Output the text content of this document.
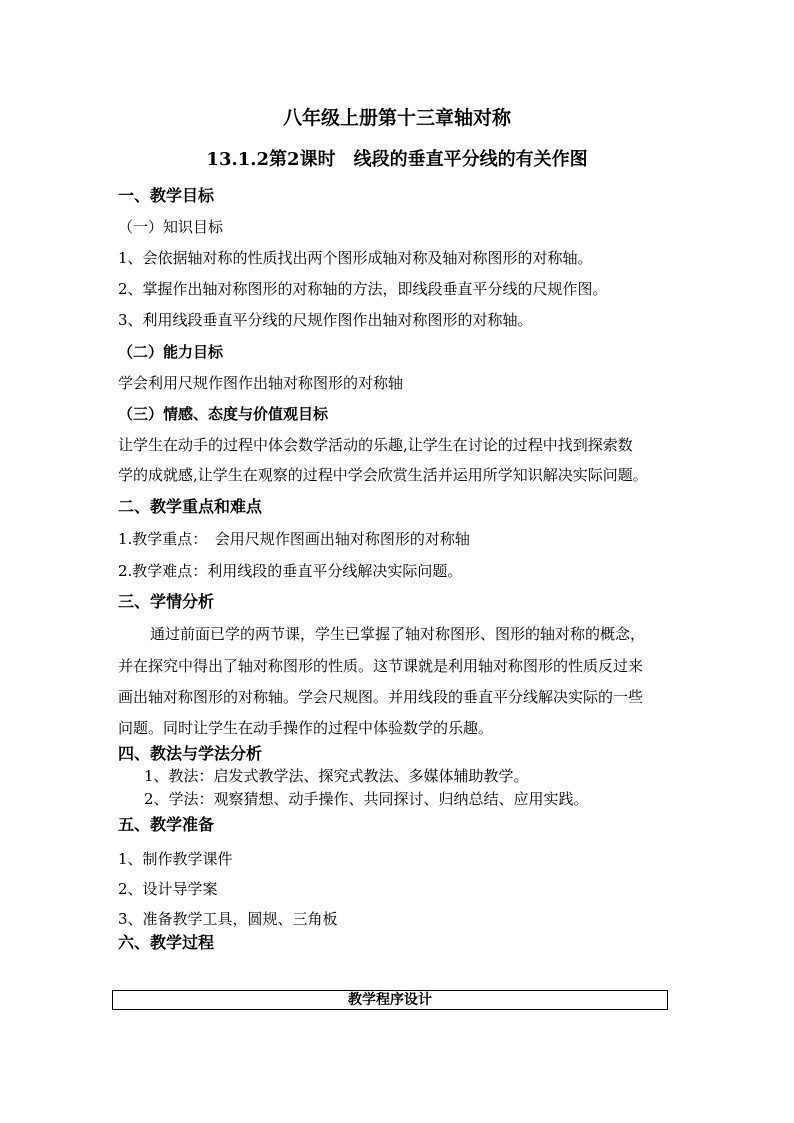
八年级上册第十三章轴对称
13.1.2第2课时　线段的垂直平分线的有关作图
一、教学目标
（一）知识目标
1、会依据轴对称的性质找出两个图形成轴对称及轴对称图形的对称轴。
2、掌握作出轴对称图形的对称轴的方法，即线段垂直平分线的尺规作图。
3、利用线段垂直平分线的尺规作图作出轴对称图形的对称轴。
（二）能力目标
学会利用尺规作图作出轴对称图形的对称轴
（三）情感、态度与价值观目标
让学生在动手的过程中体会数学活动的乐趣,让学生在讨论的过程中找到探索数
学的成就感,让学生在观察的过程中学会欣赏生活并运用所学知识解决实际问题。
二、教学重点和难点
1.教学重点：　会用尺规作图画出轴对称图形的对称轴
2.教学难点：利用线段的垂直平分线解决实际问题。
三、学情分析
通过前面已学的两节课，学生已掌握了轴对称图形、图形的轴对称的概念，
并在探究中得出了轴对称图形的性质。这节课就是利用轴对称图形的性质反过来
画出轴对称图形的对称轴。学会尺规图。并用线段的垂直平分线解决实际的一些
问题。同时让学生在动手操作的过程中体验数学的乐趣。
四、教法与学法分析
1、教法：启发式教学法、探究式教法、多媒体辅助教学。
2、学法：观察猜想、动手操作、共同探讨、归纳总结、应用实践。
五、教学准备
1、制作教学课件
2、设计导学案
3、准备教学工具，圆规、三角板
六、教学过程
教学程序设计
